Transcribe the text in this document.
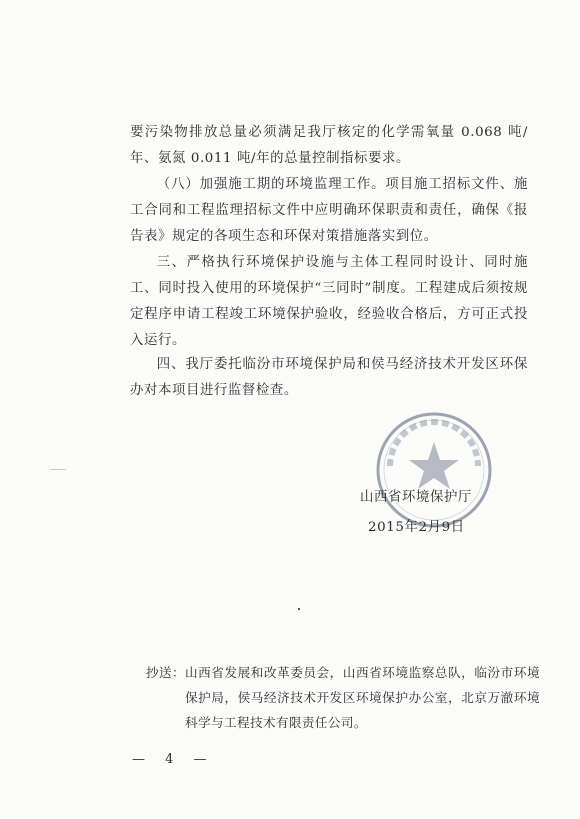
要污染物排放总量必须满足我厅核定的化学需氧量 0.068 吨/年、氨氮 0.011 吨/年的总量控制指标要求。

（八）加强施工期的环境监理工作。项目施工招标文件、施工合同和工程监理招标文件中应明确环保职责和责任，确保《报告表》规定的各项生态和环保对策措施落实到位。

三、严格执行环境保护设施与主体工程同时设计、同时施工、同时投入使用的环境保护“三同时”制度。工程建成后须按规定程序申请工程竣工环境保护验收，经验收合格后，方可正式投入运行。

四、我厅委托临汾市环境保护局和侯马经济技术开发区环保办对本项目进行监督检查。

山西省环境保护厅
2015年2月9日
抄送： 山西省发展和改革委员会，山西省环境监察总队，临汾市环境保护局，侯马经济技术开发区环境保护办公室，北京万澈环境科学与工程技术有限责任公司。
— 4 —
